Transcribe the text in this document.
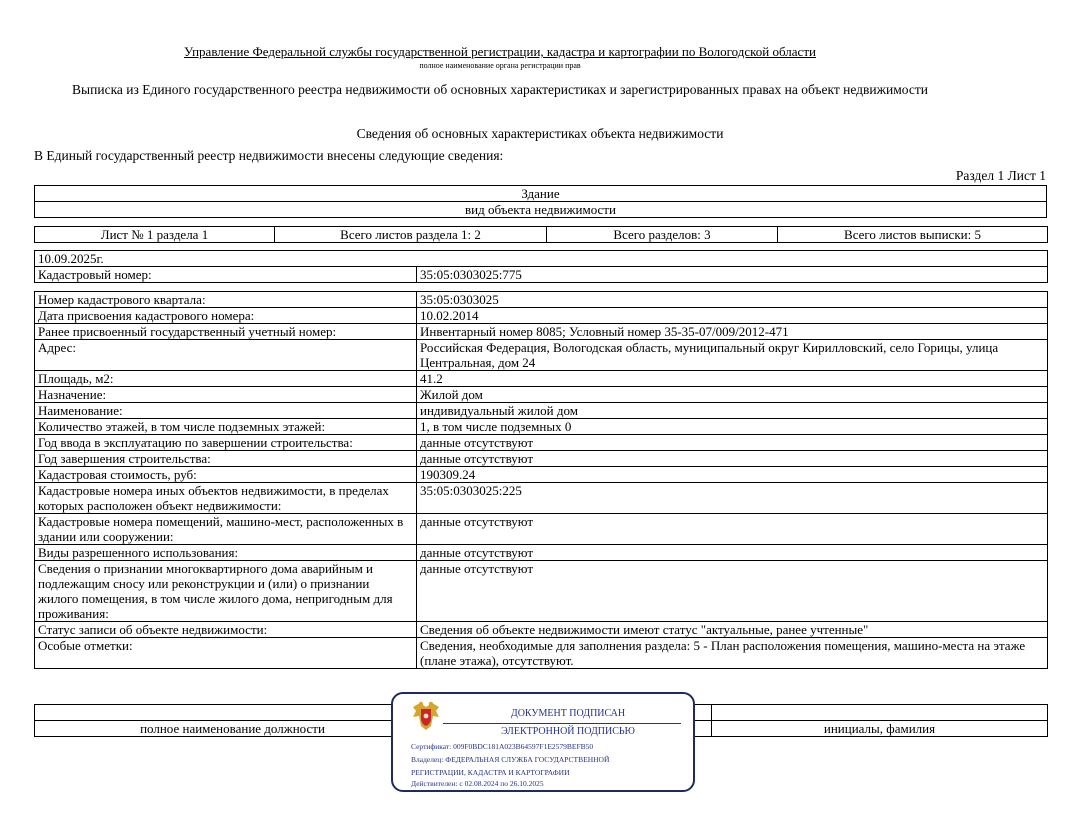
Управление Федеральной службы государственной регистрации, кадастра и картографии по Вологодской области
полное наименование органа регистрации прав
Выписка из Единого государственного реестра недвижимости об основных характеристиках и зарегистрированных правах на объект недвижимости
Сведения об основных характеристиках объекта недвижимости
В Единый государственный реестр недвижимости внесены следующие сведения:
Раздел 1 Лист 1
Здание
вид объекта недвижимости
Лист № 1 раздела 1	Всего листов раздела 1: 2	Всего разделов: 3	Всего листов выписки: 5
10.09.2025г.
Кадастровый номер:	35:05:0303025:775
Номер кадастрового квартала:	35:05:0303025
Дата присвоения кадастрового номера:	10.02.2014
Ранее присвоенный государственный учетный номер:	Инвентарный номер 8085; Условный номер 35-35-07/009/2012-471
Адрес:	Российская Федерация, Вологодская область, муниципальный округ Кирилловский, село Горицы, улица Центральная, дом 24
Площадь, м2:	41.2
Назначение:	Жилой дом
Наименование:	индивидуальный жилой дом
Количество этажей, в том числе подземных этажей:	1, в том числе подземных 0
Год ввода в эксплуатацию по завершении строительства:	данные отсутствуют
Год завершения строительства:	данные отсутствуют
Кадастровая стоимость, руб:	190309.24
Кадастровые номера иных объектов недвижимости, в пределах которых расположен объект недвижимости:	35:05:0303025:225
Кадастровые номера помещений, машино-мест, расположенных в здании или сооружении:	данные отсутствуют
Виды разрешенного использования:	данные отсутствуют
Сведения о признании многоквартирного дома аварийным и подлежащим сносу или реконструкции и (или) о признании жилого помещения, в том числе жилого дома, непригодным для проживания:	данные отсутствуют
Статус записи об объекте недвижимости:	Сведения об объекте недвижимости имеют статус "актуальные, ранее учтенные"
Особые отметки:	Сведения, необходимые для заполнения раздела: 5 - План расположения помещения, машино-места на этаже (плане этажа), отсутствуют.

полное наименование должности		инициалы, фамилия
ДОКУМЕНТ ПОДПИСАН
ЭЛЕКТРОННОЙ ПОДПИСЬЮ
Сертификат: 009F0BDC181A023B64597F1E2579BEFB50
Владелец: ФЕДЕРАЛЬНАЯ СЛУЖБА ГОСУДАРСТВЕННОЙ
РЕГИСТРАЦИИ, КАДАСТРА И КАРТОГРАФИИ
Действителен: с 02.08.2024 по 26.10.2025
